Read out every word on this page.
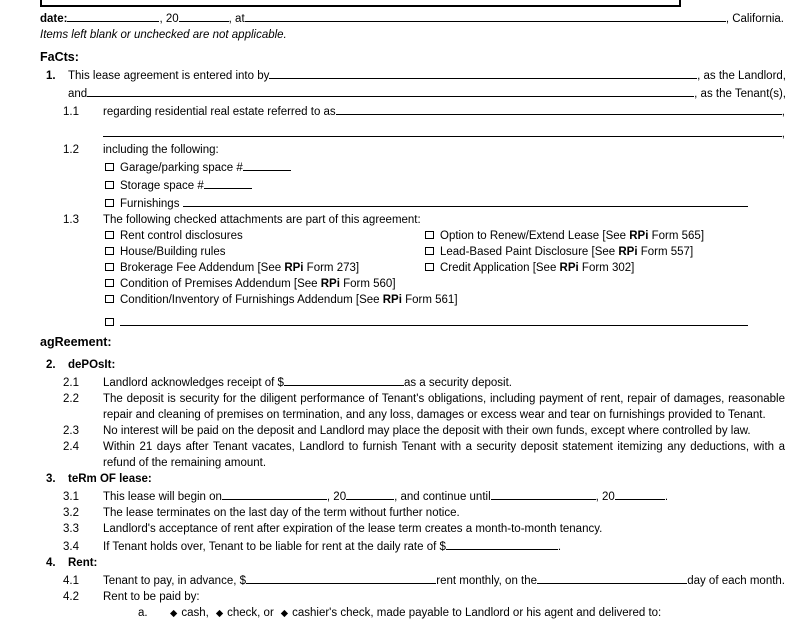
date:	, 20	, at	, California.
Items left blank or unchecked are not applicable.
FaCts:
1.	This lease agreement is entered into by	, as the Landlord,
and	, as the Tenant(s),
1.1	regarding residential real estate referred to as	,
,
1.2	including the following:
Garage/parking space #
Storage space #
Furnishings
1.3	The following checked attachments are part of this agreement:
Rent control disclosures	Option to Renew/Extend Lease [See RPi Form 565]
House/Building rules	Lead-Based Paint Disclosure [See RPi Form 557]
Brokerage Fee Addendum [See RPi Form 273]	Credit Application [See RPi Form 302]
Condition of Premises Addendum [See RPi Form 560]
Condition/Inventory of Furnishings Addendum [See RPi Form 561]
agReement:
2.	dePOsIt:
2.1	Landlord acknowledges receipt of $	as a security deposit.
2.2	The deposit is security for the diligent performance of Tenant's obligations, including payment of rent, repair of damages, reasonable repair and cleaning of premises on termination, and any loss, damages or excess wear and tear on furnishings provided to Tenant.
2.3	No interest will be paid on the deposit and Landlord may place the deposit with their own funds, except where controlled by law.
2.4	Within 21 days after Tenant vacates, Landlord to furnish Tenant with a security deposit statement itemizing any deductions, with a refund of the remaining amount.
3.	teRm OF lease:
3.1	This lease will begin on	, 20	, and continue until	, 20	.
3.2	The lease terminates on the last day of the term without further notice.
3.3	Landlord's acceptance of rent after expiration of the lease term creates a month-to-month tenancy.
3.4	If Tenant holds over, Tenant to be liable for rent at the daily rate of $	.
4.	Rent:
4.1	Tenant to pay, in advance, $	rent monthly, on the	day of each month.
4.2	Rent to be paid by:
a.	◆ cash, ◆ check, or ◆ cashier's check, made payable to Landlord or his agent and delivered to:
